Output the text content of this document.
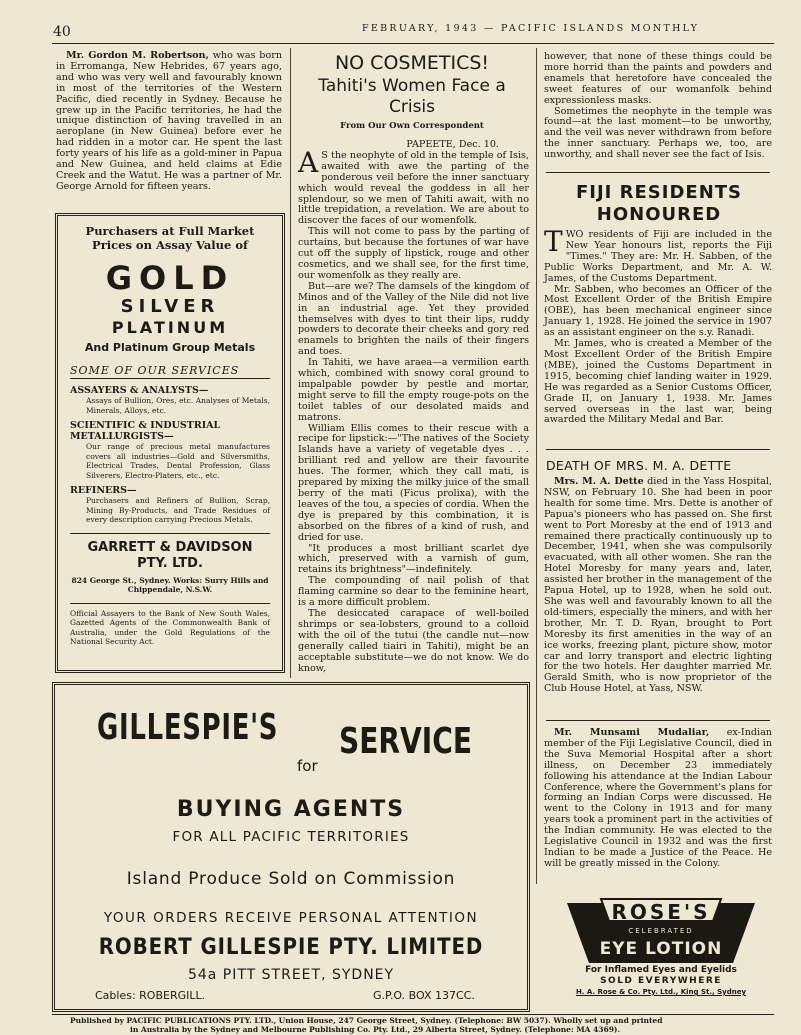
40	FEBRUARY, 1943 — PACIFIC ISLANDS MONTHLY

Mr. Gordon M. Robertson, who was born in Erromanga, New Hebrides, 67 years ago, and who was very well and favourably known in most of the territories of the Western Pacific, died recently in Sydney. Because he grew up in the Pacific territories, he had the unique distinction of having travelled in an aeroplane (in New Guinea) before ever he had ridden in a motor car. He spent the last forty years of his life as a gold-miner in Papua and New Guinea, and held claims at Edie Creek and the Watut. He was a partner of Mr. George Arnold for fifteen years.

Purchasers at Full Market Prices on Assay Value of
GOLD
SILVER
PLATINUM
And Platinum Group Metals
SOME OF OUR SERVICES
ASSAYERS & ANALYSTS—
Assays of Bullion, Ores, etc. Analyses of Metals, Minerals, Alloys, etc.
SCIENTIFIC & INDUSTRIAL METALLURGISTS—
Our range of precious metal manufactures covers all industries—Gold and Silversmiths, Electrical Trades, Dental Profession, Glass Silverers, Electro-Platers, etc., etc.
REFINERS—
Purchasers and Refiners of Bullion, Scrap, Mining By-Products, and Trade Residues of every description carrying Precious Metals.
GARRETT & DAVIDSON PTY. LTD.
824 George St., Sydney. Works: Surry Hills and Chippendale, N.S.W.
Official Assayers to the Bank of New South Wales, Gazetted Agents of the Commonwealth Bank of Australia, under the Gold Regulations of the National Security Act.
NO COSMETICS!
Tahiti's Women Face a Crisis
From Our Own Correspondent

PAPEETE, Dec. 10.

A S the neophyte of old in the temple of Isis, awaited with awe the parting of the ponderous veil before the inner sanctuary which would reveal the goddess in all her splendour, so we men of Tahiti await, with no little trepidation, a revelation. We are about to discover the faces of our womenfolk.

This will not come to pass by the parting of curtains, but because the fortunes of war have cut off the supply of lipstick, rouge and other cosmetics, and we shall see, for the first time, our womenfolk as they really are.

But—are we? The damsels of the kingdom of Minos and of the Valley of the Nile did not live in an industrial age. Yet they provided themselves with dyes to tint their lips, ruddy powders to decorate their cheeks and gory red enamels to brighten the nails of their fingers and toes.

In Tahiti, we have araea—a vermilion earth which, combined with snowy coral ground to impalpable powder by pestle and mortar, might serve to fill the empty rouge-pots on the toilet tables of our desolated maids and matrons.

William Ellis comes to their rescue with a recipe for lipstick:—"The natives of the Society Islands have a variety of vegetable dyes . . . brilliant red and yellow are their favourite hues. The former, which they call mati, is prepared by mixing the milky juice of the small berry of the mati (Ficus prolixa), with the leaves of the tou, a species of cordia. When the dye is prepared by this combination, it is absorbed on the fibres of a kind of rush, and dried for use.

"It produces a most brilliant scarlet dye which, preserved with a varnish of gum, retains its brightness"—indefinitely.

The compounding of nail polish of that flaming carmine so dear to the feminine heart, is a more difficult problem.

The desiccated carapace of well-boiled shrimps or sea-lobsters, ground to a colloid with the oil of the tutui (the candle nut—now generally called tiairi in Tahiti), might be an acceptable substitute—we do not know. We do know,

however, that none of these things could be more horrid than the paints and powders and enamels that heretofore have concealed the sweet features of our womanfolk behind expressionless masks.

Sometimes the neophyte in the temple was found—at the last moment—to be unworthy, and the veil was never withdrawn from before the inner sanctuary. Perhaps we, too, are unworthy, and shall never see the fact of Isis.

FIJI RESIDENTS HONOURED

TWO residents of Fiji are included in the New Year honours list, reports the Fiji "Times." They are: Mr. H. Sabben, of the Public Works Department, and Mr. A. W. James, of the Customs Department.

Mr. Sabben, who becomes an Officer of the Most Excellent Order of the British Empire (OBE), has been mechanical engineer since January 1, 1928. He joined the service in 1907 as an assistant engineer on the s.y. Ranadi.

Mr. James, who is created a Member of the Most Excellent Order of the British Empire (MBE), joined the Customs Department in 1915, becoming chief landing waiter in 1929. He was regarded as a Senior Customs Officer, Grade II, on January 1, 1938. Mr. James served overseas in the last war, being awarded the Military Medal and Bar.

DEATH OF MRS. M. A. DETTE

Mrs. M. A. Dette died in the Yass Hospital, NSW, on February 10. She had been in poor health for some time. Mrs. Dette is another of Papua's pioneers who has passed on. She first went to Port Moresby at the end of 1913 and remained there practically continuously up to December, 1941, when she was compulsorily evacuated, with all other women. She ran the Hotel Moresby for many years and, later, assisted her brother in the management of the Papua Hotel, up to 1928, when he sold out. She was well and favourably known to all the old-timers, especially the miners, and with her brother, Mr. T. D. Ryan, brought to Port Moresby its first amenities in the way of an ice works, freezing plant, picture show, motor car and lorry transport and electric lighting for the two hotels. Her daughter married Mr. Gerald Smith, who is now proprietor of the Club House Hotel, at Yass, NSW.

Mr. Munsami Mudaliar, ex-Indian member of the Fiji Legislative Council, died in the Suva Memorial Hospital after a short illness, on December 23 immediately following his attendance at the Indian Labour Conference, where the Government's plans for forming an Indian Corps were discussed. He went to the Colony in 1913 and for many years took a prominent part in the activities of the Indian community. He was elected to the Legislative Council in 1932 and was the first Indian to be made a Justice of the Peace. He will be greatly missed in the Colony.

GILLESPIE'S
for
SERVICE
BUYING AGENTS
FOR ALL PACIFIC TERRITORIES
Island Produce Sold on Commission
YOUR ORDERS RECEIVE PERSONAL ATTENTION
ROBERT GILLESPIE PTY. LIMITED
54a PITT STREET, SYDNEY
Cables: ROBERGILL.	G.P.O. BOX 137CC.
ROSE'S
CELEBRATED
EYE LOTION
For Inflamed Eyes and Eyelids
SOLD EVERYWHERE
H. A. Rose & Co. Pty. Ltd., King St., Sydney
Published by PACIFIC PUBLICATIONS PTY. LTD., Union House, 247 George Street, Sydney. (Telephone: BW 5037). Wholly set up and printed
in Australia by the Sydney and Melbourne Publishing Co. Pty. Ltd., 29 Alberta Street, Sydney. (Telephone: MA 4369).
